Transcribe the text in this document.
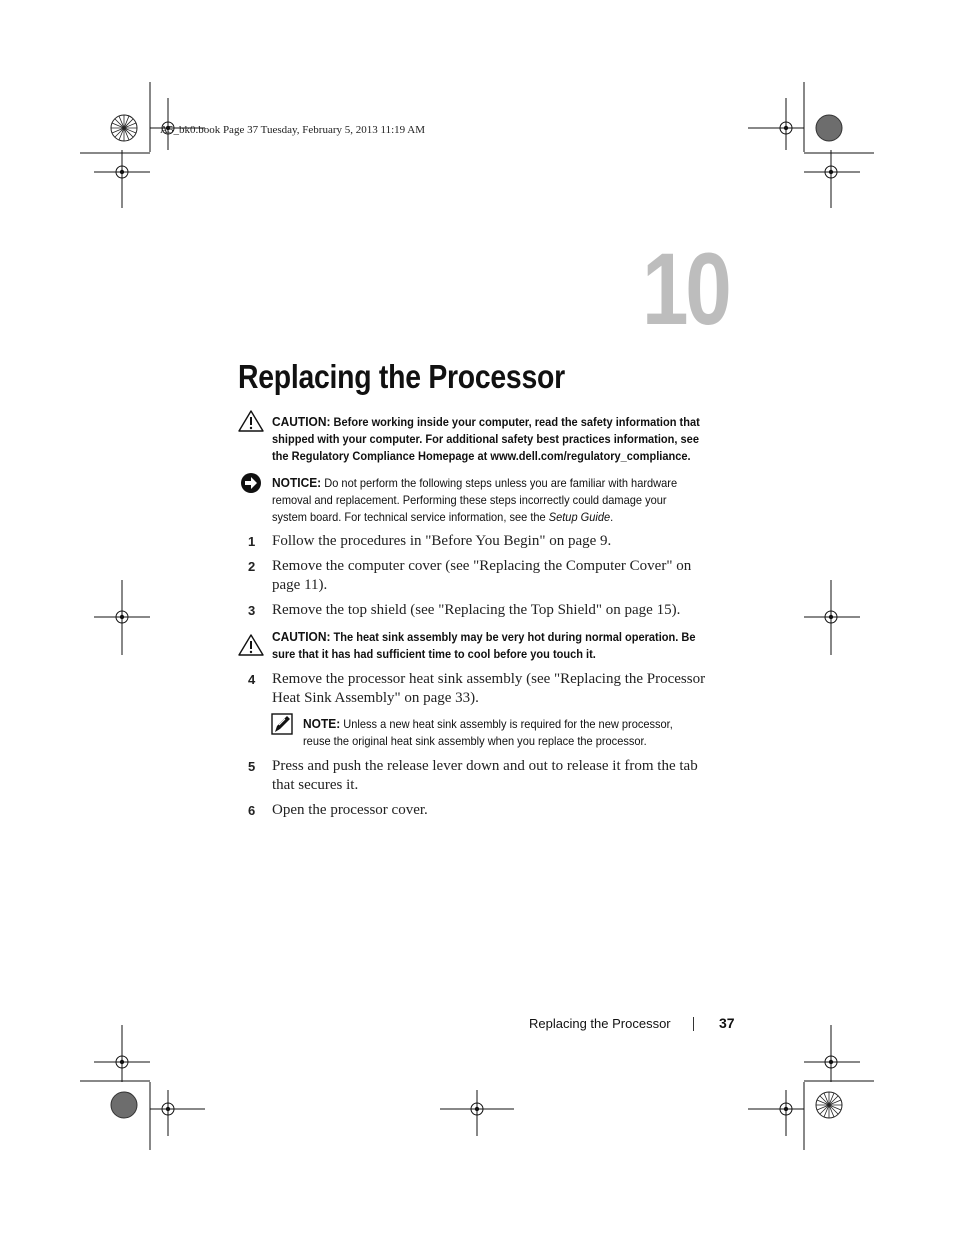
A5_bk0.book Page 37 Tuesday, February 5, 2013 11:19 AM
10
Replacing the Processor
CAUTION: Before working inside your computer, read the safety information that
shipped with your computer. For additional safety best practices information, see
the Regulatory Compliance Homepage at www.dell.com/regulatory_compliance.
NOTICE: Do not perform the following steps unless you are familiar with hardware
removal and replacement. Performing these steps incorrectly could damage your
system board. For technical service information, see the Setup Guide.
1 Follow the procedures in "Before You Begin" on page 9.
2 Remove the computer cover (see "Replacing the Computer Cover" on
page 11).
3 Remove the top shield (see "Replacing the Top Shield" on page 15).
CAUTION: The heat sink assembly may be very hot during normal operation. Be
sure that it has had sufficient time to cool before you touch it.
4 Remove the processor heat sink assembly (see "Replacing the Processor
Heat Sink Assembly" on page 33).
NOTE: Unless a new heat sink assembly is required for the new processor,
reuse the original heat sink assembly when you replace the processor.
5 Press and push the release lever down and out to release it from the tab
that secures it.
6 Open the processor cover.
Replacing the Processor	37
